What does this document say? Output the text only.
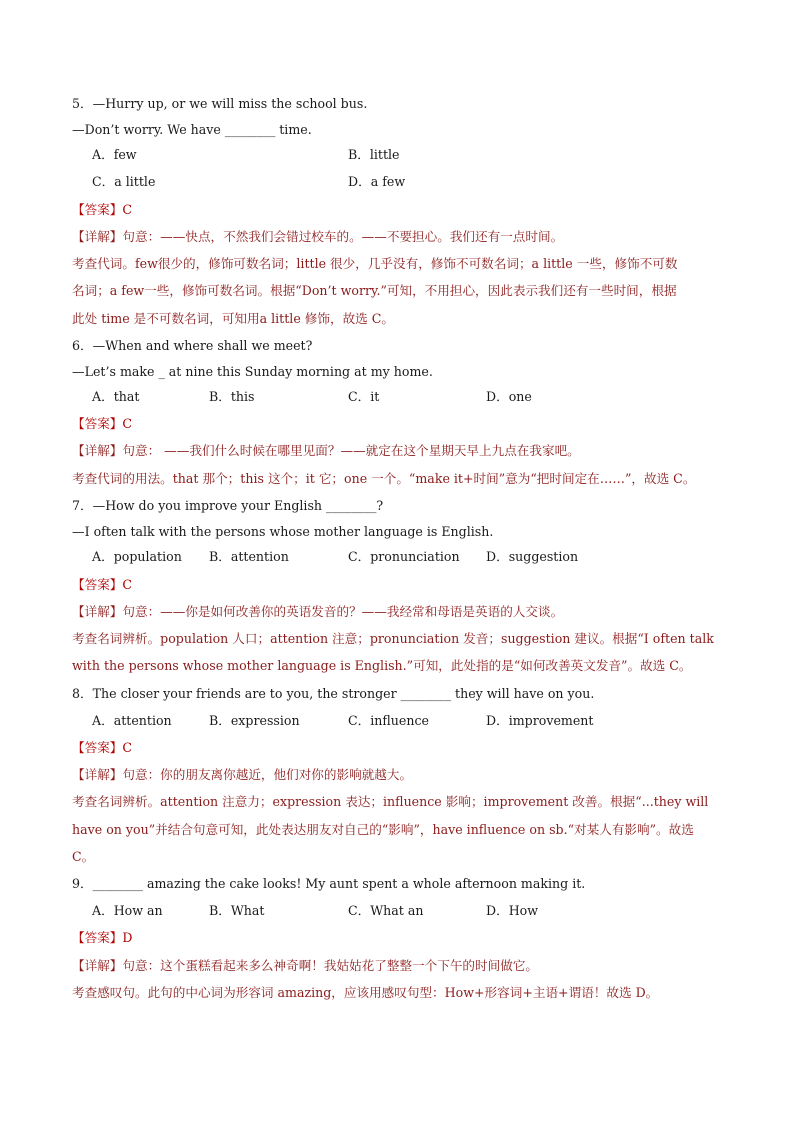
5．—Hurry up, or we will miss the school bus.
—Don’t worry. We have ________ time.
A．few	B．little
C．a little	D．a few
【答案】C
【详解】句意：——快点，不然我们会错过校车的。——不要担心。我们还有一点时间。
考查代词。few很少的，修饰可数名词；little 很少，几乎没有，修饰不可数名词；a little 一些，修饰不可数
名词；a few一些，修饰可数名词。根据“Don’t worry.”可知，不用担心，因此表示我们还有一些时间，根据
此处 time 是不可数名词，可知用a little 修饰，故选 C。
6．—When and where shall we meet?
—Let’s make _ at nine this Sunday morning at my home.
A．that	B．this	C．it	D．one
【答案】C
【详解】句意： ——我们什么时候在哪里见面？——就定在这个星期天早上九点在我家吧。
考查代词的用法。that 那个；this 这个；it 它；one 一个。“make it+时间”意为“把时间定在……”，故选 C。
7．—How do you improve your English ________?
—I often talk with the persons whose mother language is English.
A．population B．attention	C．pronunciation D．suggestion
【答案】C
【详解】句意：——你是如何改善你的英语发音的？——我经常和母语是英语的人交谈。
考查名词辨析。population 人口；attention 注意；pronunciation 发音；suggestion 建议。根据“I often talk
with the persons whose mother language is English.”可知，此处指的是“如何改善英文发音”。故选 C。
8．The closer your friends are to you, the stronger ________ they will have on you.
A．attention	B．expression	C．influence	D．improvement
【答案】C
【详解】句意：你的朋友离你越近，他们对你的影响就越大。
考查名词辨析。attention 注意力；expression 表达；influence 影响；improvement 改善。根据“...they will
have on you”并结合句意可知，此处表达朋友对自己的“影响”，have influence on sb.“对某人有影响”。故选
C。
9．________ amazing the cake looks! My aunt spent a whole afternoon making it.
A．How an	B．What	C．What an	D．How
【答案】D
【详解】句意：这个蛋糕看起来多么神奇啊！我姑姑花了整整一个下午的时间做它。
考查感叹句。此句的中心词为形容词 amazing，应该用感叹句型：How+形容词+主语+谓语！故选 D。
